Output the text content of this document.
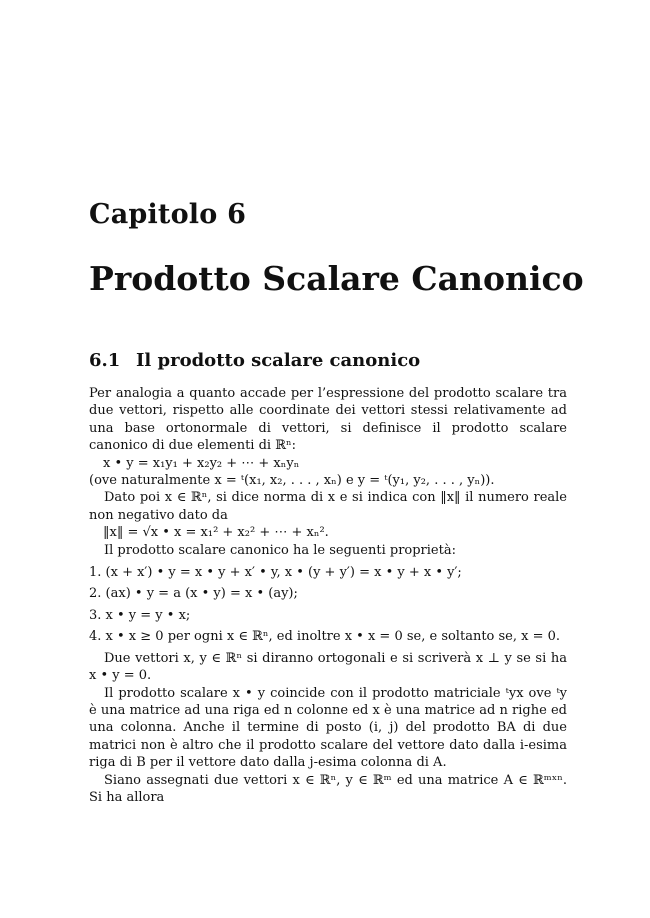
Capitolo 6
Prodotto Scalare Canonico
6.1 Il prodotto scalare canonico

Per analogia a quanto accade per l’espressione del prodotto scalare tra due vettori, rispetto alle coordinate dei vettori stessi relativamente ad una base ortonormale di vettori, si definisce il prodotto scalare canonico di due elementi di ℝⁿ:

x • y = x₁y₁ + x₂y₂ + ⋯ + xₙyₙ

(ove naturalmente x = ᵗ(x₁, x₂, . . . , xₙ) e y = ᵗ(y₁, y₂, . . . , yₙ)).

Dato poi x ∈ ℝⁿ, si dice norma di x e si indica con ‖x‖ il numero reale non negativo dato da

‖x‖ = √x • x = x₁² + x₂² + ⋯ + xₙ².

Il prodotto scalare canonico ha le seguenti proprietà:

1. (x + x′) • y = x • y + x′ • y, x • (y + y′) = x • y + x • y′;
2. (ax) • y = a (x • y) = x • (ay);
3. x • y = y • x;
4. x • x ≥ 0 per ogni x ∈ ℝⁿ, ed inoltre x • x = 0 se, e soltanto se, x = 0.

Due vettori x, y ∈ ℝⁿ si diranno ortogonali e si scriverà x ⊥ y se si ha x • y = 0.

Il prodotto scalare x • y coincide con il prodotto matriciale ᵗyx ove ᵗy è una matrice ad una riga ed n colonne ed x è una matrice ad n righe ed una colonna. Anche il termine di posto (i, j) del prodotto BA di due matrici non è altro che il prodotto scalare del vettore dato dalla i-esima riga di B per il vettore dato dalla j-esima colonna di A.

Siano assegnati due vettori x ∈ ℝⁿ, y ∈ ℝᵐ ed una matrice A ∈ ℝᵐˣⁿ. Si ha allora
